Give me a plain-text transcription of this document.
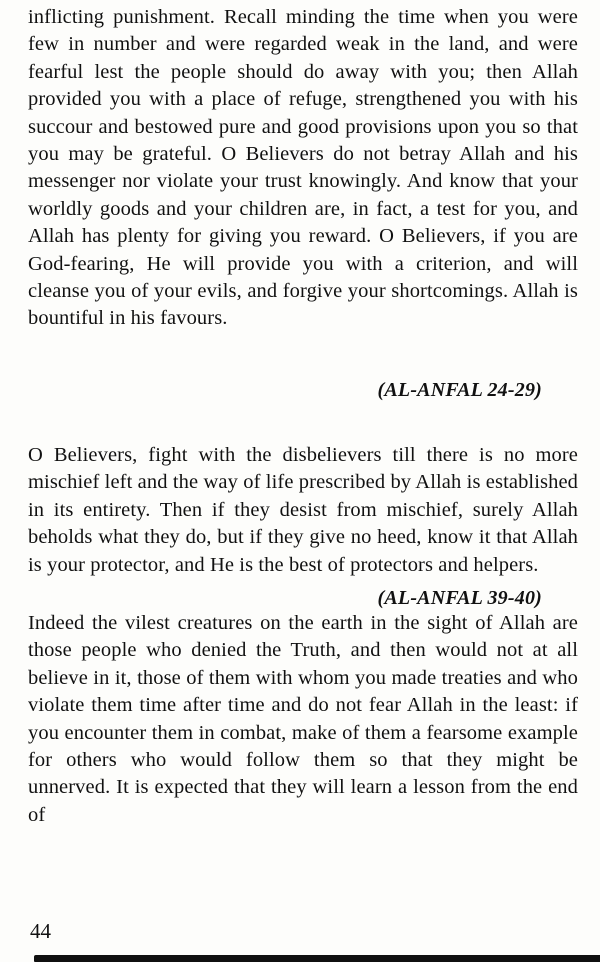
inflicting punishment. Recall minding the time when you were few in number and were regarded weak in the land, and were fearful lest the people should do away with you; then Allah provided you with a place of refuge, strengthened you with his succour and bestowed pure and good provisions upon you so that you may be grateful. O Believers do not betray Allah and his messenger nor violate your trust knowingly. And know that your worldly goods and your children are, in fact, a test for you, and Allah has plenty for giving you reward. O Believers, if you are God-fearing, He will provide you with a criterion, and will cleanse you of your evils, and forgive your shortcomings. Allah is bountiful in his favours.

(AL-ANFAL 24-29)

O Believers, fight with the disbelievers till there is no more mischief left and the way of life prescribed by Allah is established in its entirety. Then if they desist from mischief, surely Allah beholds what they do, but if they give no heed, know it that Allah is your protector, and He is the best of protectors and helpers.

(AL-ANFAL 39-40)

Indeed the vilest creatures on the earth in the sight of Allah are those people who denied the Truth, and then would not at all believe in it, those of them with whom you made treaties and who violate them time after time and do not fear Allah in the least: if you encounter them in combat, make of them a fearsome example for others who would follow them so that they might be unnerved. It is expected that they will learn a lesson from the end of

44
